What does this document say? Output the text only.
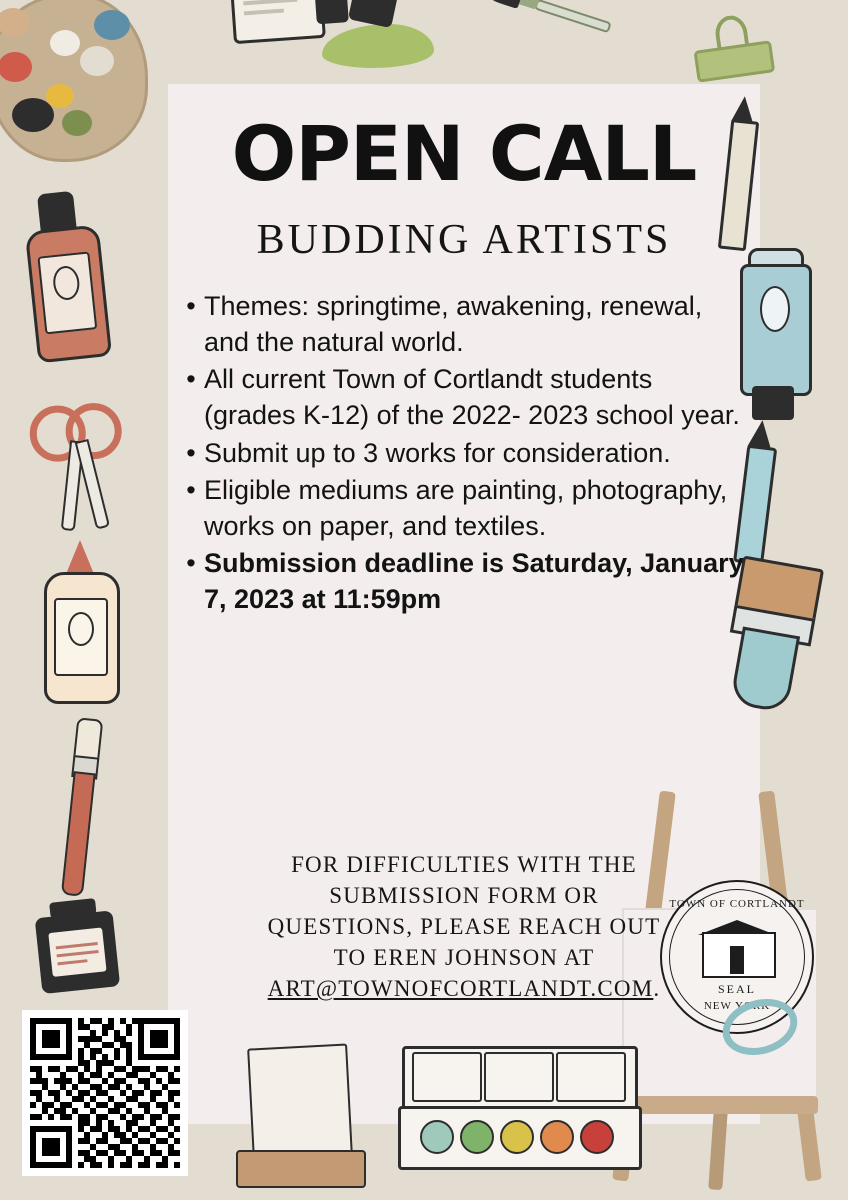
OPEN CALL
BUDDING ARTISTS
• Themes: springtime, awakening, renewal, and the natural world.
• All current Town of Cortlandt students (grades K-12) of the 2022- 2023 school year.
• Submit up to 3 works for consideration.
• Eligible mediums are painting, photography, works on paper, and textiles.
• Submission deadline is Saturday, January 7, 2023 at 11:59pm
FOR DIFFICULTIES WITH THE
SUBMISSION FORM OR
QUESTIONS, PLEASE REACH OUT
TO EREN JOHNSON AT
ART@TOWNOFCORTLANDT.COM.
TOWN OF CORTLANDT
SEAL
NEW YORK
